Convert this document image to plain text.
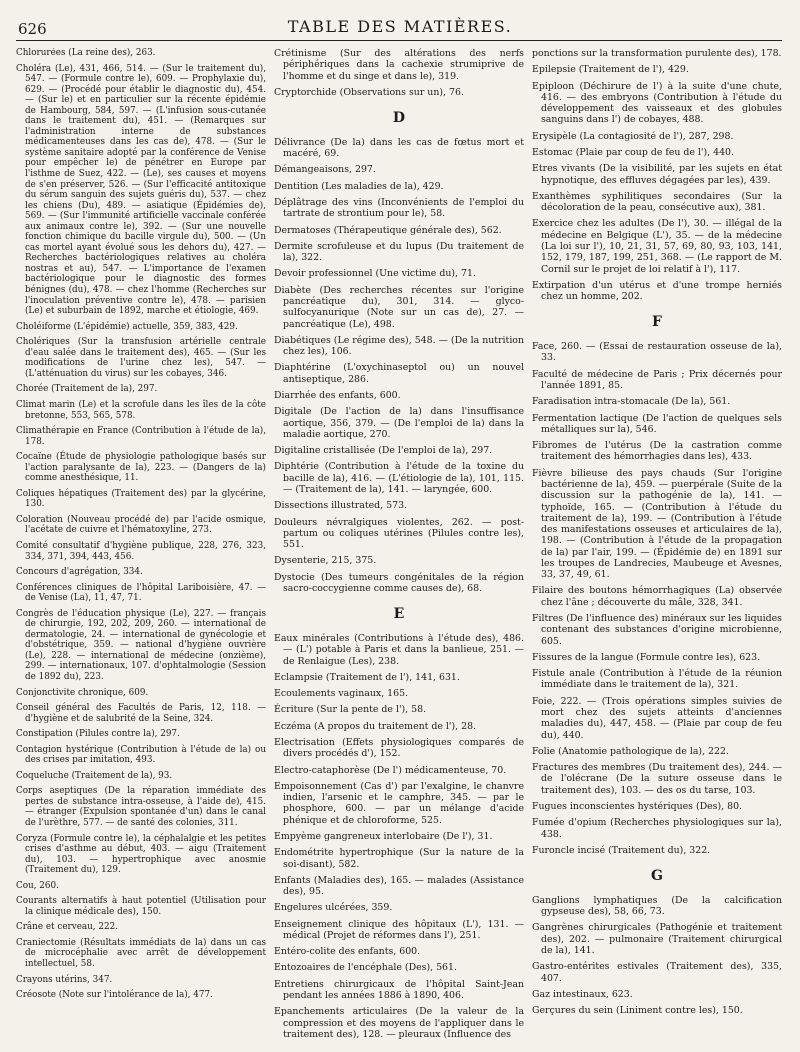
626	TABLE DES MATIÈRES.
Chlorurées (La reine des), 263.
Choléra (Le), 431, 466, 514. — (Sur le traitement du), 547. — (Formule contre le), 609. — Prophylaxie du), 629. — (Procédé pour établir le diagnostic du), 454. — (Sur le) et en particulier sur la récente épidémie de Hambourg, 584, 597. — (L'infusion sous-cutanée dans le traitement du), 451. — (Remarques sur l'administration interne de substances médicamenteuses dans les cas de), 478. — (Sur le système sanitaire adopté par la conférence de Venise pour empêcher le) de pénétrer en Europe par l'isthme de Suez, 422. — (Le), ses causes et moyens de s'en préserver, 526. — (Sur l'efficacité antitoxique du sérum sanguin des sujets guéris du), 537. — chez les chiens (Du), 489. — asiatique (Épidémies de), 569. — (Sur l'immunité artificielle vaccinale conférée aux animaux contre le), 392. — (Sur une nouvelle fonction chimique du bacille virgule du), 500. — (Un cas mortel ayant évolué sous les dehors du), 427. — Recherches bactériologiques relatives au choléra nostras et au), 547. — L'importance de l'examen bactériologique pour le diagnostic des formes bénignes (du), 478. — chez l'homme (Recherches sur l'inoculation préventive contre le), 478. — parisien (Le) et suburbain de 1892, marche et étiologie, 469.
Choléiforme (L'épidémie) actuelle, 359, 383, 429.
Cholériques (Sur la transfusion artérielle centrale d'eau salée dans le traitement des), 465. — (Sur les modifications de l'urine chez les), 547. — (L'atténuation du virus) sur les cobayes, 346.
Chorée (Traitement de la), 297.
Climat marin (Le) et la scrofule dans les îles de la côte bretonne, 553, 565, 578.
Climathérapie en France (Contribution à l'étude de la), 178.
Cocaïne (Étude de physiologie pathologique basés sur l'action paralysante de la), 223. — (Dangers de la) comme anesthésique, 11.
Coliques hépatiques (Traitement des) par la glycérine, 130.
Coloration (Nouveau procédé de) par l'acide osmique, l'acétate de cuivre et l'hématoxyline, 273.
Comité consultatif d'hygiène publique, 228, 276, 323, 334, 371, 394, 443, 456.
Concours d'agrégation, 334.
Conférences cliniques de l'hôpital Lariboisière, 47. — de Venise (La), 11, 47, 71.
Congrès de l'éducation physique (Le), 227. — français de chirurgie, 192, 202, 209, 260. — international de dermatologie, 24. — international de gynécologie et d'obstétrique, 359. — national d'hygiène ouvrière (Le), 228. — international de médecine (onzième), 299. — internationaux, 107. d'ophtalmologie (Session de 1892 du), 223.
Conjonctivite chronique, 609.
Conseil général des Facultés de Paris, 12, 118. — d'hygiène et de salubrité de la Seine, 324.
Constipation (Pilules contre la), 297.
Contagion hystérique (Contribution à l'étude de la) ou des crises par imitation, 493.
Coqueluche (Traitement de la), 93.
Corps aseptiques (De la réparation immédiate des pertes de substance intra-osseuse, à l'aide de), 415. — étranger (Expulsion spontanée d'un) dans le canal de l'urèthre, 577. — de santé des colonies, 311.
Coryza (Formule contre le), la céphalalgie et les petites crises d'asthme au début, 403. — aigu (Traitement du), 103. — hypertrophique avec anosmie (Traitement du), 129.
Cou, 260.
Courants alternatifs à haut potentiel (Utilisation pour la clinique médicale des), 150.
Crâne et cerveau, 222.
Craniectomie (Résultats immédiats de la) dans un cas de microcéphalie avec arrêt de développement intellectuel, 58.
Crayons utérins, 347.
Créosote (Note sur l'intolérance de la), 477.
Crétinisme (Sur des altérations des nerfs périphériques dans la cachexie strumiprive de l'homme et du singe et dans le), 319.
Cryptorchide (Observations sur un), 76.
D
Délivrance (De la) dans les cas de fœtus mort et macéré, 69.
Démangeaisons, 297.
Dentition (Les maladies de la), 429.
Déplâtrage des vins (Inconvénients de l'emploi du tartrate de strontium pour le), 58.
Dermatoses (Thérapeutique générale des), 562.
Dermite scrofuleuse et du lupus (Du traitement de la), 322.
Devoir professionnel (Une victime du), 71.
Diabète (Des recherches récentes sur l'origine pancréatique du), 301, 314. — glyco-sulfocyanurique (Note sur un cas de), 27. — pancréatique (Le), 498.
Diabétiques (Le régime des), 548. — (De la nutrition chez les), 106.
Diaphtérine (L'oxychinaseptol ou) un nouvel antiseptique, 286.
Diarrhée des enfants, 600.
Digitale (De l'action de la) dans l'insuffisance aortique, 356, 379. — (De l'emploi de la) dans la maladie aortique, 270.
Digitaline cristallisée (De l'emploi de la), 297.
Diphtérie (Contribution à l'étude de la toxine du bacille de la), 416. — (L'étiologie de la), 101, 115. — (Traitement de la), 141. — laryngée, 600.
Dissections illustrated, 573.
Douleurs névralgiques violentes, 262. — post-partum ou coliques utérines (Pilules contre les), 551.
Dysenterie, 215, 375.
Dystocie (Des tumeurs congénitales de la région sacro-coccygienne comme causes de), 68.
E
Eaux minérales (Contributions à l'étude des), 486. — (L') potable à Paris et dans la banlieue, 251. — de Renlaigue (Les), 238.
Eclampsie (Traitement de l'), 141, 631.
Ecoulements vaginaux, 165.
Écriture (Sur la pente de l'), 58.
Eczéma (A propos du traitement de l'), 28.
Electrisation (Effets physiologiques comparés de divers procédés d'), 152.
Electro-cataphorèse (De l') médicamenteuse, 70.
Empoisonnement (Cas d') par l'exalgine, le chanvre indien, l'arsenic et le camphre, 345. — par le phosphore, 600. — par un mélange d'acide phénique et de chloroforme, 525.
Empyème gangreneux interlobaire (De l'), 31.
Endométrite hypertrophique (Sur la nature de la soi-disant), 582.
Enfants (Maladies des), 165. — malades (Assistance des), 95.
Engelures ulcérées, 359.
Enseignement clinique des hôpitaux (L'), 131. — médical (Projet de réformes dans l'), 251.
Entéro-colite des enfants, 600.
Entozoaires de l'encéphale (Des), 561.
Entretiens chirurgicaux de l'hôpital Saint-Jean pendant les années 1886 à 1890, 406.
Epanchements articulaires (De la valeur de la compression et des moyens de l'appliquer dans le traitement des), 128. — pleuraux (Influence des
ponctions sur la transformation purulente des), 178.
Epilepsie (Traitement de l'), 429.
Epiploon (Déchirure de l') à la suite d'une chute, 416. — des embryons (Contribution à l'étude du développement des vaisseaux et des globules sanguins dans l') de cobayes, 488.
Erysipèle (La contagiosité de l'), 287, 298.
Estomac (Plaie par coup de feu de l'), 440.
Etres vivants (De la visibilité, par les sujets en état hypnotique, des effluves dégagées par les), 439.
Exanthèmes syphilitiques secondaires (Sur la décoloration de la peau, consécutive aux), 381.
Exercice chez les adultes (De l'), 30. — illégal de la médecine en Belgique (L'), 35. — de la médecine (La loi sur l'), 10, 21, 31, 57, 69, 80, 93, 103, 141, 152, 179, 187, 199, 251, 368. — (Le rapport de M. Cornil sur le projet de loi relatif à l'), 117.
Extirpation d'un utérus et d'une trompe herniés chez un homme, 202.
F
Face, 260. — (Essai de restauration osseuse de la), 33.
Faculté de médecine de Paris ; Prix décernés pour l'année 1891, 85.
Faradisation intra-stomacale (De la), 561.
Fermentation lactique (De l'action de quelques sels métalliques sur la), 546.
Fibromes de l'utérus (De la castration comme traitement des hémorrhagies dans les), 433.
Fièvre bilieuse des pays chauds (Sur l'origine bactérienne de la), 459. — puerpérale (Suite de la discussion sur la pathogénie de la), 141. — typhoïde, 165. — (Contribution à l'étude du traitement de la), 199. — (Contribution à l'étude des manifestations osseuses et articulaires de la), 198. — (Contribution à l'étude de la propagation de la) par l'air, 199. — (Épidémie de) en 1891 sur les troupes de Landrecies, Maubeuge et Avesnes, 33, 37, 49, 61.
Filaire des boutons hémorrhagiques (La) observée chez l'âne ; découverte du mâle, 328, 341.
Filtres (De l'influence des) minéraux sur les liquides contenant des substances d'origine microbienne, 605.
Fissures de la langue (Formule contre les), 623.
Fistule anale (Contribution à l'étude de la réunion immédiate dans le traitement de la), 321.
Foie, 222. — (Trois opérations simples suivies de mort chez des sujets atteints d'anciennes maladies du), 447, 458. — (Plaie par coup de feu du), 440.
Folie (Anatomie pathologique de la), 222.
Fractures des membres (Du traitement des), 244. — de l'olécrane (De la suture osseuse dans le traitement des), 103. — des os du tarse, 103.
Fugues inconscientes hystériques (Des), 80.
Fumée d'opium (Recherches physiologiques sur la), 438.
Furoncle incisé (Traitement du), 322.
G
Ganglions lymphatiques (De la calcification gypseuse des), 58, 66, 73.
Gangrènes chirurgicales (Pathogénie et traitement des), 202. — pulmonaire (Traitement chirurgical de la), 141.
Gastro-entérites estivales (Traitement des), 335, 407.
Gaz intestinaux, 623.
Gerçures du sein (Liniment contre les), 150.
